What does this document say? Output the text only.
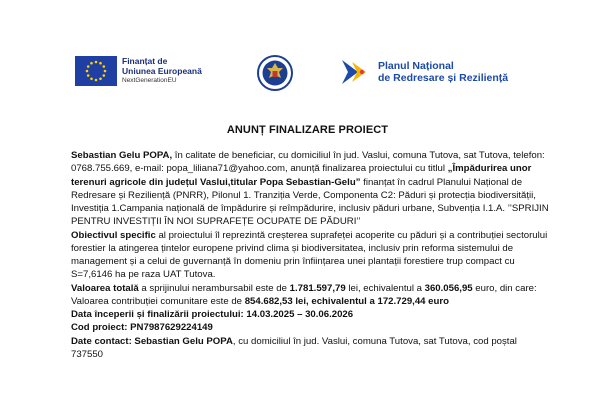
Finanțat de
Uniunea Europeană
NextGenerationEU
Planul Național
de Redresare și Reziliență
ANUNȚ FINALIZARE PROIECT

Sebastian Gelu POPA, în calitate de beneficiar, cu domiciliul în jud. Vaslui, comuna Tutova, sat Tutova, telefon: 0768.755.669, e-mail: popa_liliana71@yahoo.com, anunță finalizarea proiectului cu titlul „Împădurirea unor terenuri agricole din județul Vaslui,titular Popa Sebastian-Gelu” finanțat în cadrul Planului Național de Redresare și Reziliență (PNRR), Pilonul 1. Tranziția Verde, Componenta C2: Păduri și protecția biodiversității, Investiția 1.Campania națională de împădurire și reîmpădurire, inclusiv păduri urbane, Subvenția I.1.A. ’’SPRIJIN PENTRU INVESTIȚII ÎN NOI SUPRAFEȚE OCUPATE DE PĂDURI’’

Obiectivul specific al proiectului îl reprezintă creșterea suprafeței acoperite cu păduri și a contribuției sectorului forestier la atingerea țintelor europene privind clima și biodiversitatea, inclusiv prin reforma sistemului de management și a celui de guvernanță în domeniu prin înființarea unei plantații forestiere trup compact cu S=7,6146 ha pe raza UAT Tutova.

Valoarea totală a sprijinului nerambursabil este de 1.781.597,79 lei, echivalentul a 360.056,95 euro, din care:

Valoarea contribuției comunitare este de 854.682,53 lei, echivalentul a 172.729,44 euro

Data începerii și finalizării proiectului: 14.03.2025 – 30.06.2026

Cod proiect: PN7987629224149

Date contact: Sebastian Gelu POPA, cu domiciliul în jud. Vaslui, comuna Tutova, sat Tutova, cod poștal 737550
